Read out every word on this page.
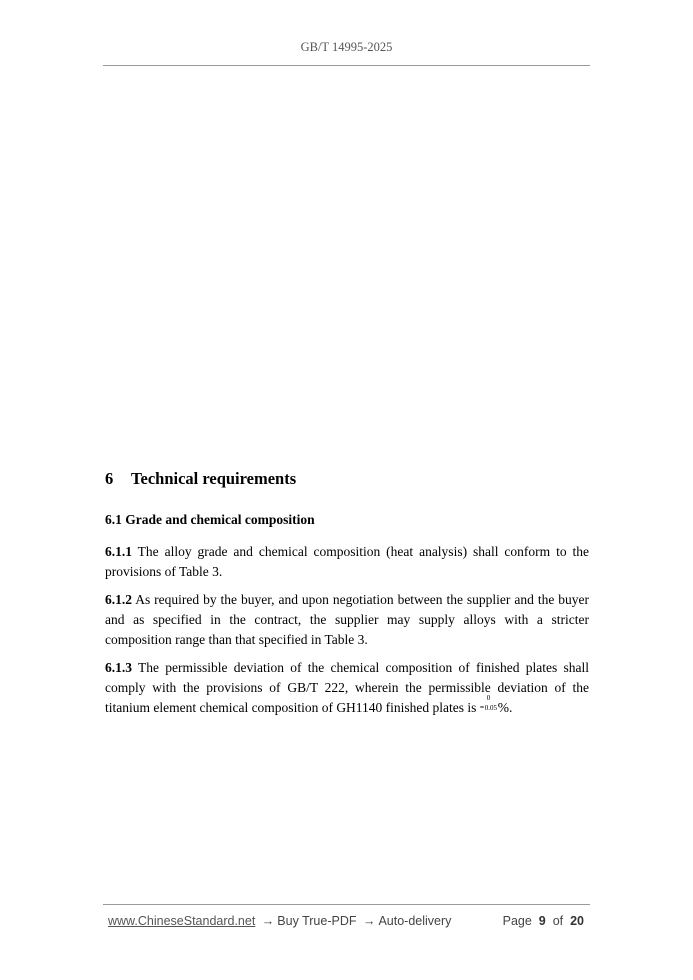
GB/T 14995-2025
6 Technical requirements
6.1 Grade and chemical composition

6.1.1 The alloy grade and chemical composition (heat analysis) shall conform to the provisions of Table 3.

6.1.2 As required by the buyer, and upon negotiation between the supplier and the buyer and as specified in the contract, the supplier may supply alloys with a stricter composition range than that specified in Table 3.

6.1.3 The permissible deviation of the chemical composition of finished plates shall comply with the provisions of GB/T 222, wherein the permissible deviation of the titanium element chemical composition of GH1140 finished plates is - 0
0.05 %.

www.ChineseStandard.net → Buy True-PDF → Auto-delivery	Page 9 of 20
